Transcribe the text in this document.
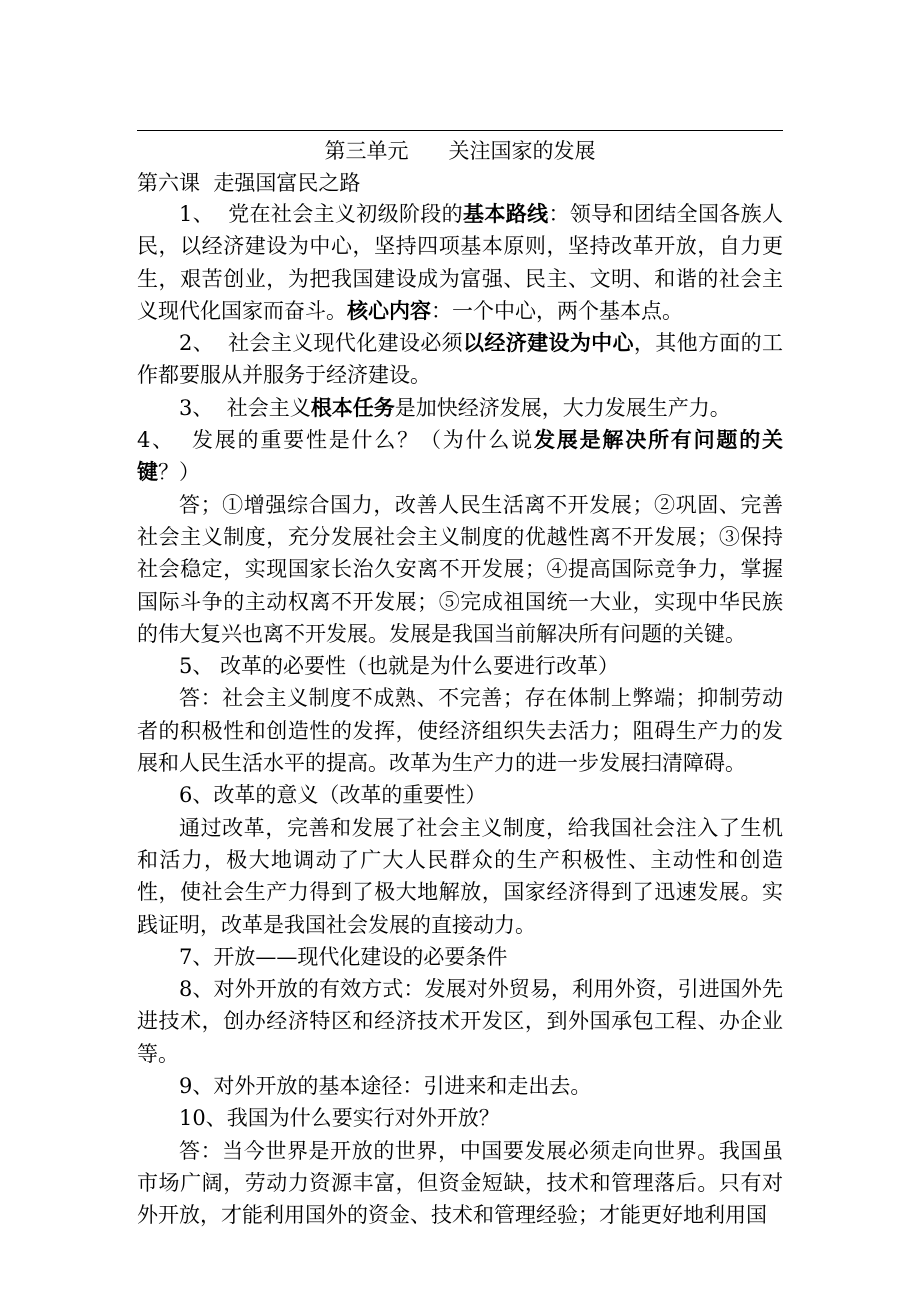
第三单元      关注国家的发展
第六课  走强国富民之路

1、  党在社会主义初级阶段的基本路线：领导和团结全国各族人民，以经济建设为中心，坚持四项基本原则，坚持改革开放，自力更生，艰苦创业，为把我国建设成为富强、民主、文明、和谐的社会主义现代化国家而奋斗。核心内容：一个中心，两个基本点。

2、  社会主义现代化建设必须以经济建设为中心，其他方面的工作都要服从并服务于经济建设。

3、  社会主义根本任务是加快经济发展，大力发展生产力。

4、  发展的重要性是什么？（为什么说发展是解决所有问题的关键？）

答；①增强综合国力，改善人民生活离不开发展；②巩固、完善社会主义制度，充分发展社会主义制度的优越性离不开发展；③保持社会稳定，实现国家长治久安离不开发展；④提高国际竞争力，掌握国际斗争的主动权离不开发展；⑤完成祖国统一大业，实现中华民族的伟大复兴也离不开发展。发展是我国当前解决所有问题的关键。

5、 改革的必要性（也就是为什么要进行改革）

答：社会主义制度不成熟、不完善；存在体制上弊端；抑制劳动者的积极性和创造性的发挥，使经济组织失去活力；阻碍生产力的发展和人民生活水平的提高。改革为生产力的进一步发展扫清障碍。

6、改革的意义（改革的重要性）

通过改革，完善和发展了社会主义制度，给我国社会注入了生机和活力，极大地调动了广大人民群众的生产积极性、主动性和创造性，使社会生产力得到了极大地解放，国家经济得到了迅速发展。实践证明，改革是我国社会发展的直接动力。

7、开放——现代化建设的必要条件

8、对外开放的有效方式：发展对外贸易，利用外资，引进国外先进技术，创办经济特区和经济技术开发区，到外国承包工程、办企业等。

9、对外开放的基本途径：引进来和走出去。

10、我国为什么要实行对外开放？

答：当今世界是开放的世界，中国要发展必须走向世界。我国虽市场广阔，劳动力资源丰富，但资金短缺，技术和管理落后。只有对外开放，才能利用国外的资金、技术和管理经验；才能更好地利用国
